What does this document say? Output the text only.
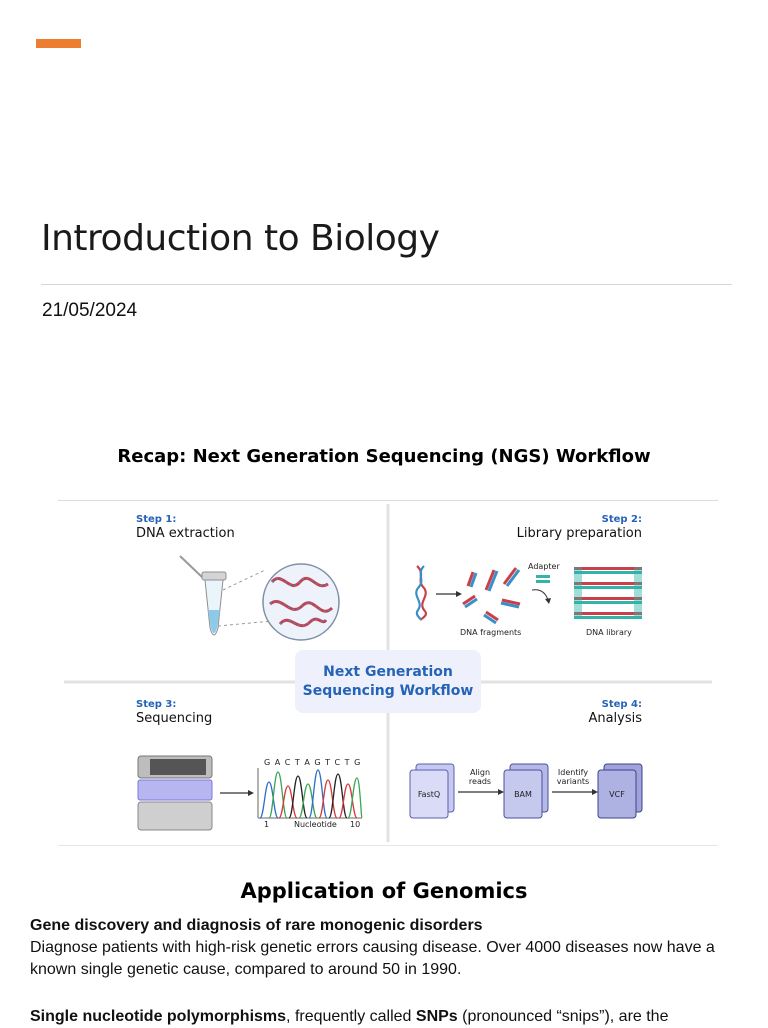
Introduction to Biology
21/05/2024
Recap: Next Generation Sequencing (NGS) Workflow
Step 1:
DNA extraction
Step 2:
Library preparation
Step 3:
Sequencing
Step 4:
Analysis
Adapter
DNA fragments	DNA library
Next Generation
Sequencing Workflow
G A C T A G T C T G
1	Nucleotide 10
FastQ	BAM	VCF
Align
reads
Identify
variants
Application of Genomics

Gene discovery and diagnosis of rare monogenic disorders

Diagnose patients with high-risk genetic errors causing disease. Over 4000 diseases now have a known single genetic cause, compared to around 50 in 1990.

Single nucleotide polymorphisms, frequently called SNPs (pronounced “snips”), are the
